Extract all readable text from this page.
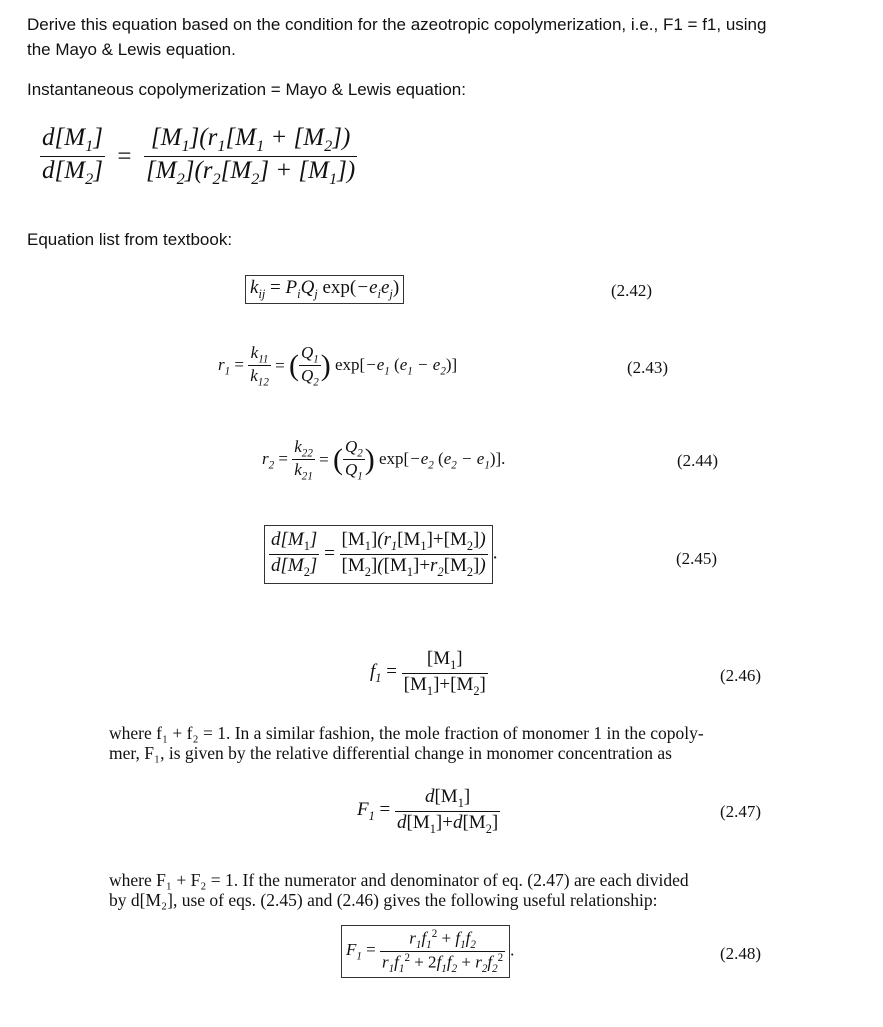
Derive this equation based on the condition for the azeotropic copolymerization, i.e., F1 = f1, using
the Mayo & Lewis equation.
Instantaneous copolymerization = Mayo & Lewis equation:
$\frac{d[M_1]}{d[M_2]} = \frac{[M_1](r_1[M_1 + [M_2])}{[M_2](r_2[M_2] + [M_1])}$
Equation list from textbook:
$k_{ij} = P_iQ_j$ $\exp(-e_ie_j)$	(2.42)
$r_1 = \frac{k_{11}}{k_{12}}$ = ( $\frac{Q_1}{Q_2}$ ) $\exp[-e_1$ $(e_1 - e_2)$]	(2.43)
$r_2 = \frac{k_{22}}{k_{21}}$ = ( $\frac{Q_2}{Q_1}$ ) $\exp[-e_2$ $(e_2 - e_1)$].	(2.44)
$\frac{d[M_1]}{d[M_2]} = \frac{[M_1](r_1[M_1]+[M_2])}{[M_2]([M_1]+r_2[M_2])}$ .	(2.45)
$f_1 = \frac{[M_1]}{[M_1]+[M_2]}$	(2.46)
where f₁ + f₂ = 1. In a similar fashion, the mole fraction of monomer 1 in the copoly-
mer, F₁, is given by the relative differential change in monomer concentration as
$F_1 = \frac{d[M_1]}{d[M_1]+d[M_2]}$	(2.47)
where F₁ + F₂ = 1. If the numerator and denominator of eq. (2.47) are each divided
by d[M₂], use of eqs. (2.45) and (2.46) gives the following useful relationship:
$F_1 = \frac{r_1f_1^2 + f_1f_2}{r_1f_1^2 + 2f_1f_2 + r_2f_2^2}$ .	(2.48)
